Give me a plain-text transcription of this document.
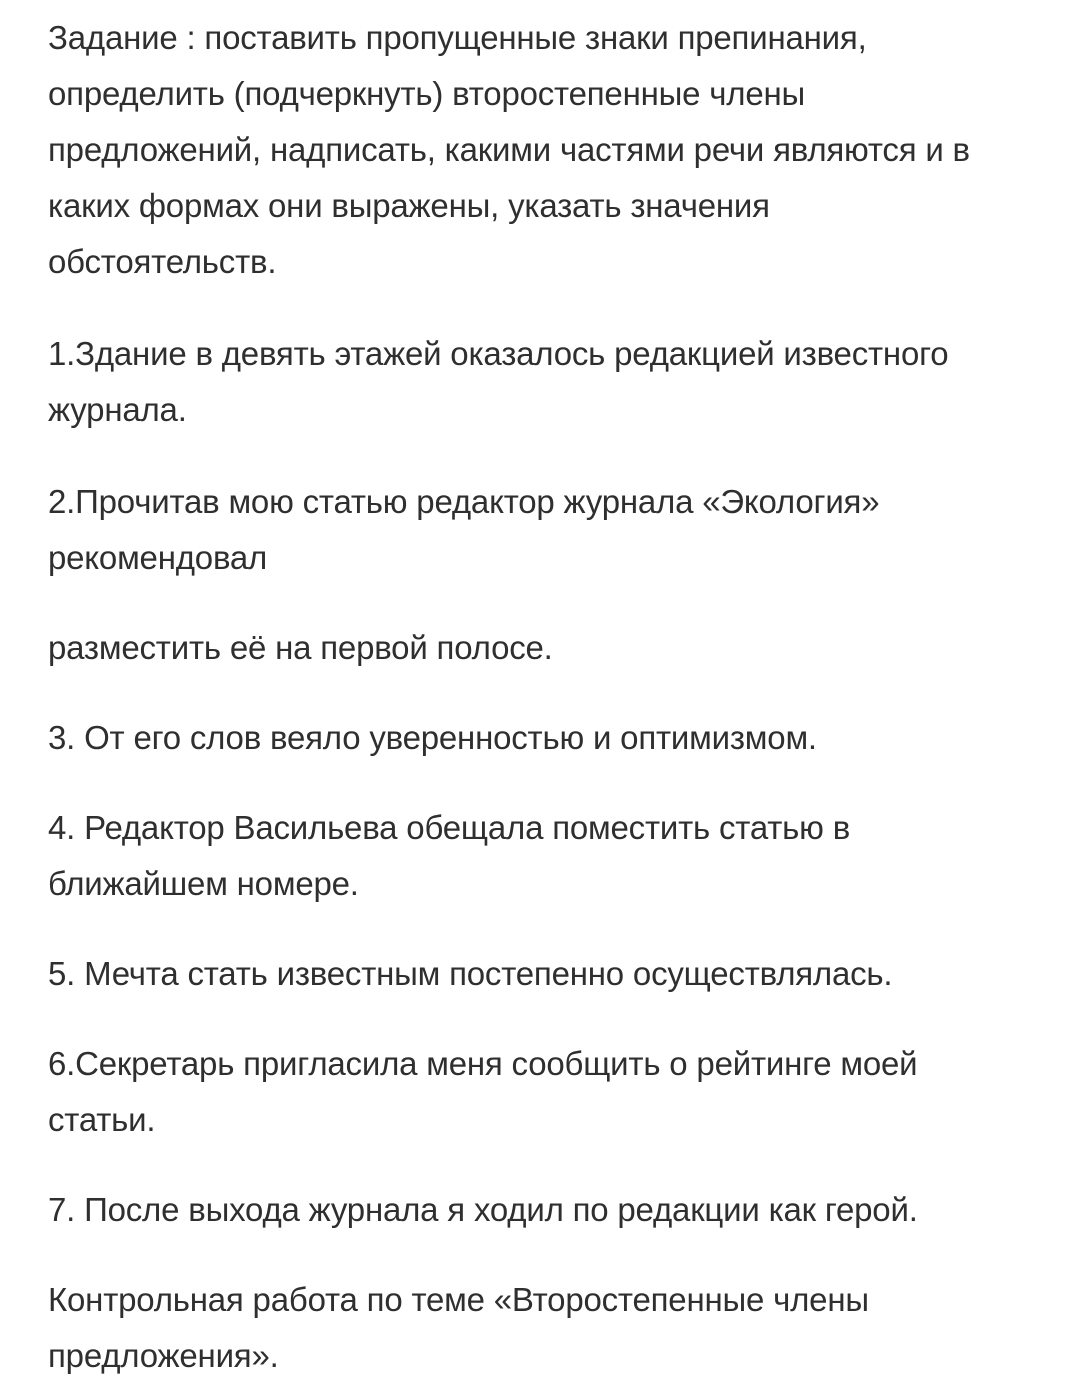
Задание : поставить пропущенные знаки препинания,
определить (подчеркнуть) второстепенные члены
предложений, надписать, какими частями речи являются и в
каких формах они выражены, указать значения
обстоятельств.
1.Здание в девять этажей оказалось редакцией известного
журнала.
2.Прочитав мою статью редактор журнала «Экология»
рекомендовал
разместить её на первой полосе.
3. От его слов веяло уверенностью и оптимизмом.
4. Редактор Васильева обещала поместить статью в
ближайшем номере.
5. Мечта стать известным постепенно осуществлялась.
6.Секретарь пригласила меня сообщить о рейтинге моей
статьи.
7. После выхода журнала я ходил по редакции как герой.
Контрольная работа по теме «Второстепенные члены
предложения».
